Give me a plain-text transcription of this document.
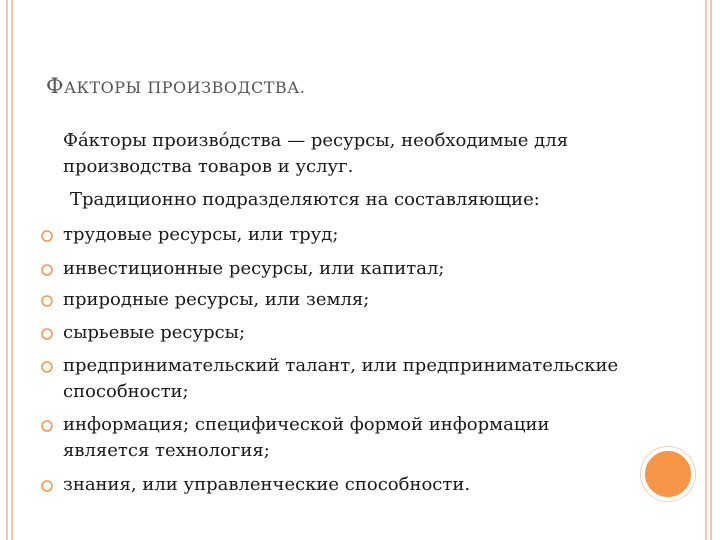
ФАКТОРЫ ПРОИЗВОДСТВА.

Фа́кторы произво́дства — ресурсы, необходимые для производства товаров и услуг.

Традиционно подразделяются на составляющие:

трудовые ресурсы, или труд;
инвестиционные ресурсы, или капитал;
природные ресурсы, или земля;
сырьевые ресурсы;
предпринимательский талант, или предпринимательские способности;
информация; специфической формой информации является технология;
знания, или управленческие способности.
